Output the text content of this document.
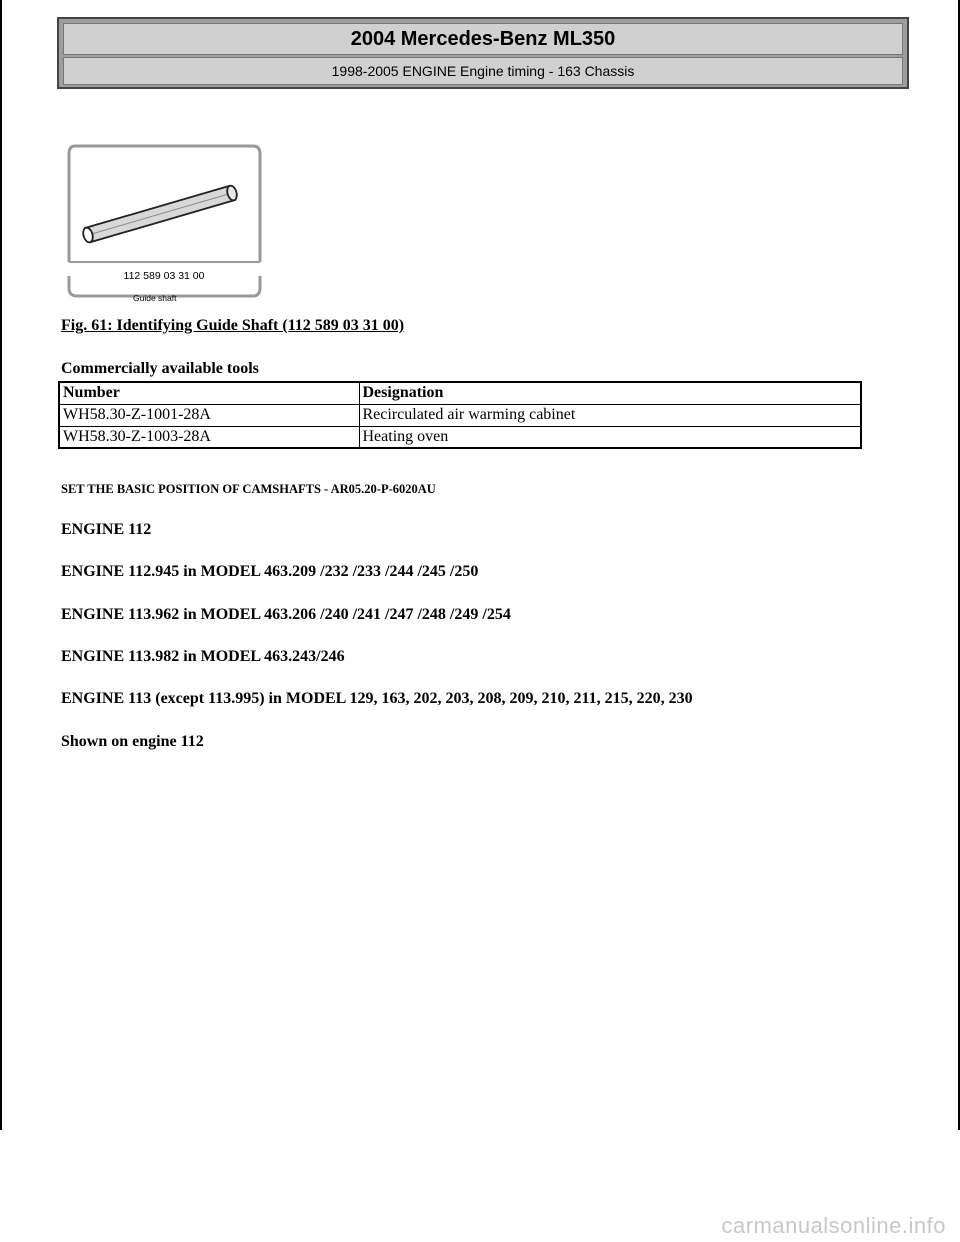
2004 Mercedes-Benz ML350
1998-2005 ENGINE Engine timing - 163 Chassis
112 589 03 31 00
Guide shaft
Fig. 61: Identifying Guide Shaft (112 589 03 31 00)
Commercially available tools
Number	Designation
WH58.30-Z-1001-28A	Recirculated air warming cabinet
WH58.30-Z-1003-28A	Heating oven
SET THE BASIC POSITION OF CAMSHAFTS - AR05.20-P-6020AU
ENGINE 112
ENGINE 112.945 in MODEL 463.209 /232 /233 /244 /245 /250
ENGINE 113.962 in MODEL 463.206 /240 /241 /247 /248 /249 /254
ENGINE 113.982 in MODEL 463.243/246
ENGINE 113 (except 113.995) in MODEL 129, 163, 202, 203, 208, 209, 210, 211, 215, 220, 230
Shown on engine 112
carmanualsonline.info
